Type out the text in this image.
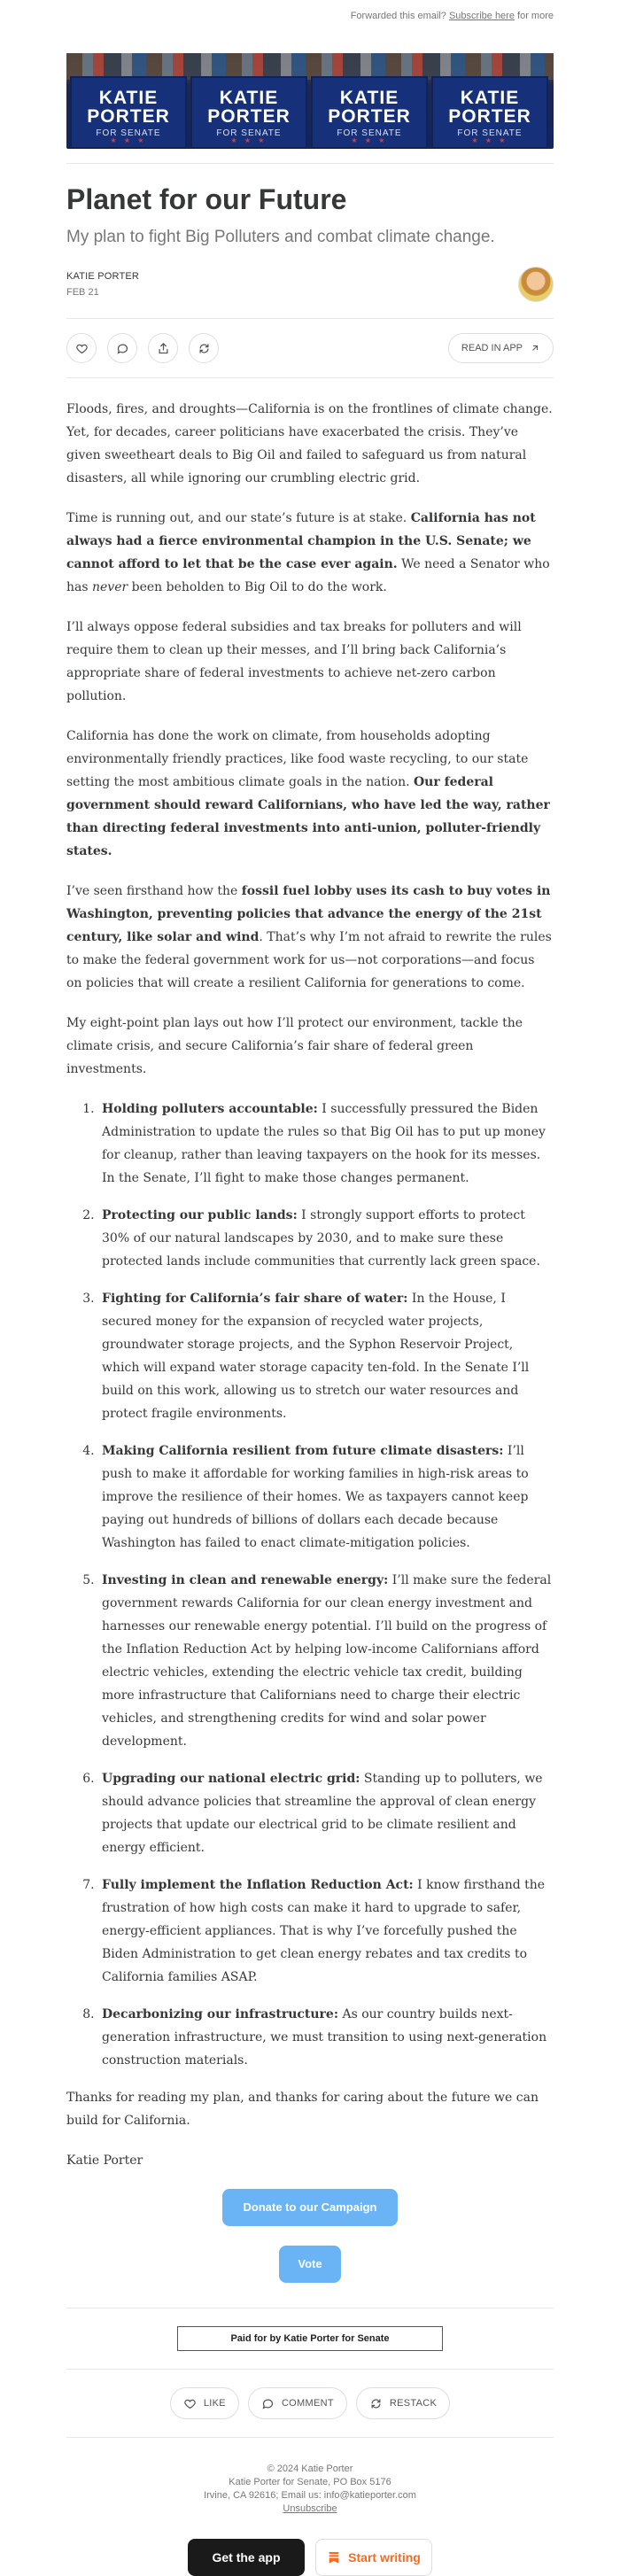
Forwarded this email? Subscribe here for more
KATIE
PORTER
FOR SENATE
★ ★ ★
KATIE
PORTER
FOR SENATE
★ ★ ★
KATIE
PORTER
FOR SENATE
★ ★ ★
KATIE
PORTER
FOR SENATE
★ ★ ★
Planet for our Future
My plan to fight Big Polluters and combat climate change.
KATIE PORTER
FEB 21
READ IN APP

Floods, fires, and droughts—California is on the frontlines of climate change. Yet, for decades, career politicians have exacerbated the crisis. They’ve given sweetheart deals to Big Oil and failed to safeguard us from natural disasters, all while ignoring our crumbling electric grid.

Time is running out, and our state’s future is at stake. California has not always had a fierce environmental champion in the U.S. Senate; we cannot afford to let that be the case ever again. We need a Senator who has never been beholden to Big Oil to do the work.

I’ll always oppose federal subsidies and tax breaks for polluters and will require them to clean up their messes, and I’ll bring back California’s appropriate share of federal investments to achieve net-zero carbon pollution.

California has done the work on climate, from households adopting environmentally friendly practices, like food waste recycling, to our state setting the most ambitious climate goals in the nation. Our federal government should reward Californians, who have led the way, rather than directing federal investments into anti-union, polluter-friendly states.

I’ve seen firsthand how the fossil fuel lobby uses its cash to buy votes in Washington, preventing policies that advance the energy of the 21st century, like solar and wind. That’s why I’m not afraid to rewrite the rules to make the federal government work for us—not corporations—and focus on policies that will create a resilient California for generations to come.

My eight-point plan lays out how I’ll protect our environment, tackle the climate crisis, and secure California’s fair share of federal green investments.

1. Holding polluters accountable: I successfully pressured the Biden Administration to update the rules so that Big Oil has to put up money for cleanup, rather than leaving taxpayers on the hook for its messes. In the Senate, I’ll fight to make those changes permanent.
2. Protecting our public lands: I strongly support efforts to protect 30% of our natural landscapes by 2030, and to make sure these protected lands include communities that currently lack green space.
3. Fighting for California’s fair share of water: In the House, I secured money for the expansion of recycled water projects, groundwater storage projects, and the Syphon Reservoir Project, which will expand water storage capacity ten-fold. In the Senate I’ll build on this work, allowing us to stretch our water resources and protect fragile environments.
4. Making California resilient from future climate disasters: I’ll push to make it affordable for working families in high-risk areas to improve the resilience of their homes. We as taxpayers cannot keep paying out hundreds of billions of dollars each decade because Washington has failed to enact climate-mitigation policies.
5. Investing in clean and renewable energy: I’ll make sure the federal government rewards California for our clean energy investment and harnesses our renewable energy potential. I’ll build on the progress of the Inflation Reduction Act by helping low-income Californians afford electric vehicles, extending the electric vehicle tax credit, building more infrastructure that Californians need to charge their electric vehicles, and strengthening credits for wind and solar power development.
6. Upgrading our national electric grid: Standing up to polluters, we should advance policies that streamline the approval of clean energy projects that update our electrical grid to be climate resilient and energy efficient.
7. Fully implement the Inflation Reduction Act: I know firsthand the frustration of how high costs can make it hard to upgrade to safer, energy-efficient appliances. That is why I’ve forcefully pushed the Biden Administration to get clean energy rebates and tax credits to California families ASAP.
8. Decarbonizing our infrastructure: As our country builds next-generation infrastructure, we must transition to using next-generation construction materials.

Thanks for reading my plan, and thanks for caring about the future we can build for California.

Katie Porter

Donate to our Campaign
Vote
Paid for by Katie Porter for Senate
LIKE	COMMENT	RESTACK
© 2024 Katie Porter
Katie Porter for Senate, PO Box 5176
Irvine, CA 92616; Email us: info@katieporter.com
Unsubscribe
Get the app	Start writing
